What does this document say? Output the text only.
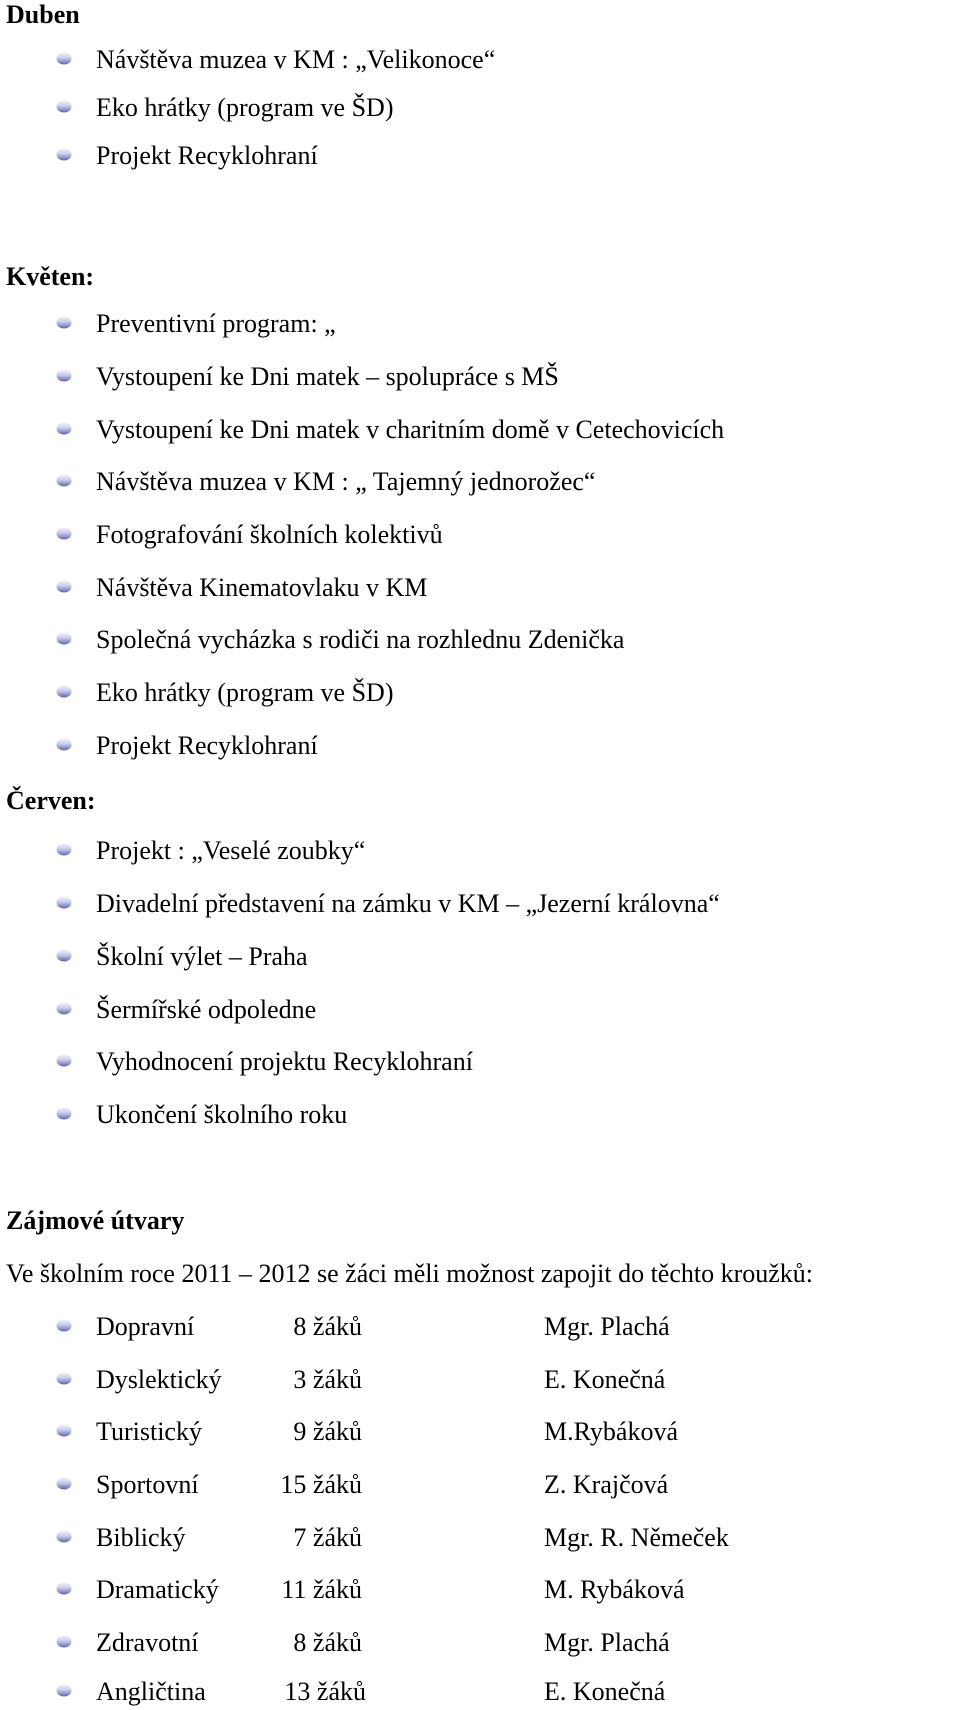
Duben
Návštěva muzea v KM : „Velikonoce“
Eko hrátky (program ve ŠD)
Projekt Recyklohraní
Květen:
Preventivní program: „
Vystoupení ke Dni matek – spolupráce s MŠ
Vystoupení ke Dni matek v charitním domě v Cetechovicích
Návštěva muzea v KM : „ Tajemný jednorožec“
Fotografování školních kolektivů
Návštěva Kinematovlaku v KM
Společná vycházka s rodiči na rozhlednu Zdenička
Eko hrátky (program ve ŠD)
Projekt Recyklohraní
Červen:
Projekt : „Veselé zoubky“
Divadelní představení na zámku v KM – „Jezerní královna“
Školní výlet – Praha
Šermířské odpoledne
Vyhodnocení projektu Recyklohraní
Ukončení školního roku
Zájmové útvary
Ve školním roce 2011 – 2012 se žáci měli možnost zapojit do těchto kroužků:
Dopravní	8 žáků	Mgr. Plachá
Dyslektický	3 žáků	E. Konečná
Turistický	9 žáků	M.Rybáková
Sportovní	15 žáků	Z. Krajčová
Biblický	7 žáků	Mgr. R. Němeček
Dramatický	11 žáků	M. Rybáková
Zdravotní	8 žáků	Mgr. Plachá
Angličtina	13 žáků	E. Konečná
